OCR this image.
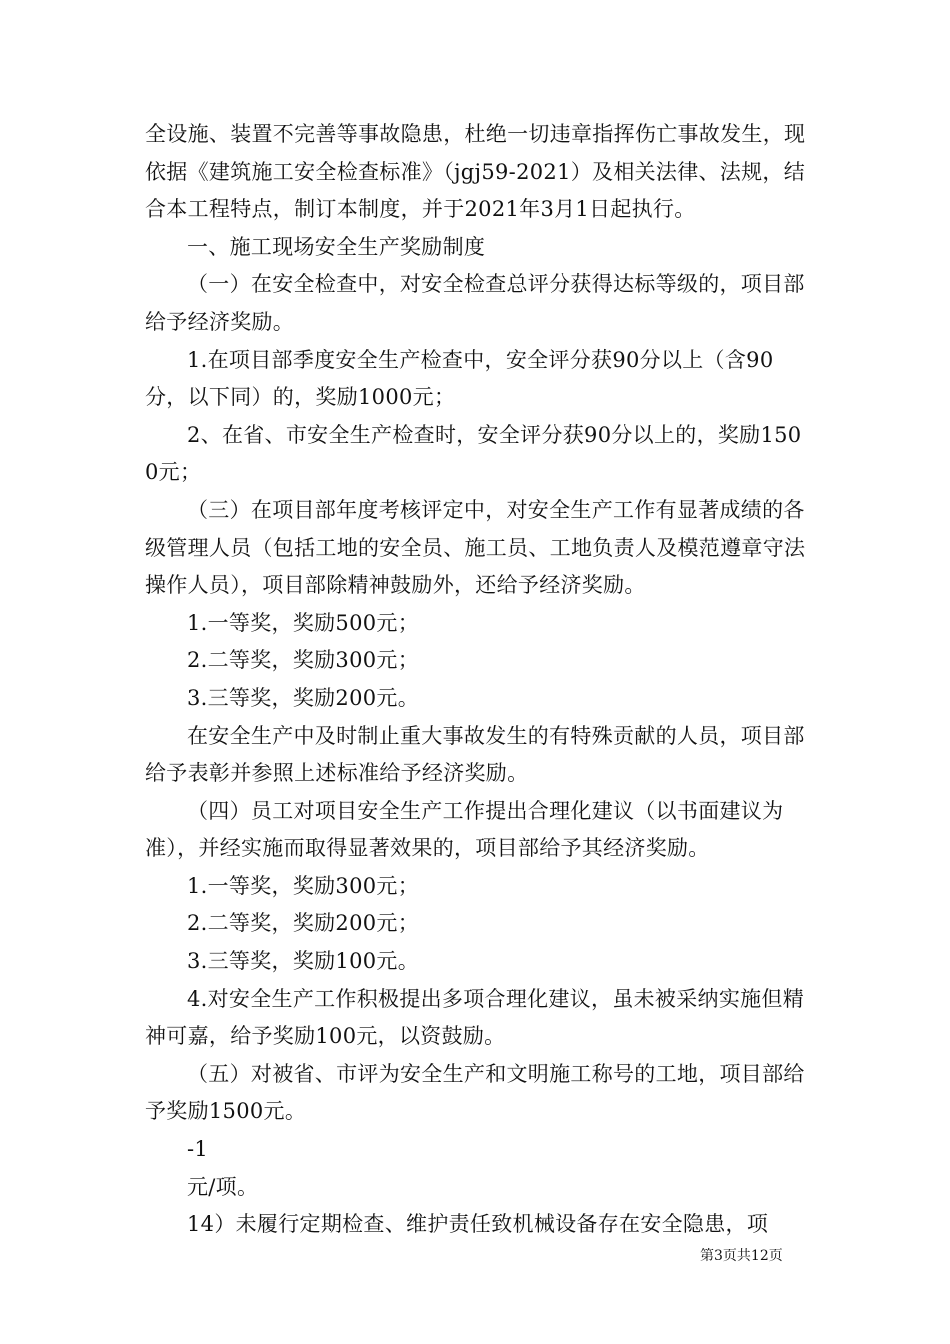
全设施、装置不完善等事故隐患，杜绝一切违章指挥伤亡事故发生，现依据《建筑施工安全检查标准》（jgj59-2021）及相关法律、法规，结合本工程特点，制订本制度，并于2021年3月1日起执行。

一、施工现场安全生产奖励制度

（一）在安全检查中，对安全检查总评分获得达标等级的，项目部给予经济奖励。

1.在项目部季度安全生产检查中，安全评分获90分以上（含90分，以下同）的，奖励1000元；

2、在省、市安全生产检查时，安全评分获90分以上的，奖励1500元；

（三）在项目部年度考核评定中，对安全生产工作有显著成绩的各级管理人员（包括工地的安全员、施工员、工地负责人及模范遵章守法操作人员），项目部除精神鼓励外，还给予经济奖励。

1.一等奖，奖励500元；

2.二等奖，奖励300元；

3.三等奖，奖励200元。

在安全生产中及时制止重大事故发生的有特殊贡献的人员，项目部给予表彰并参照上述标准给予经济奖励。

（四）员工对项目安全生产工作提出合理化建议（以书面建议为准），并经实施而取得显著效果的，项目部给予其经济奖励。

1.一等奖，奖励300元；

2.二等奖，奖励200元；

3.三等奖，奖励100元。

4.对安全生产工作积极提出多项合理化建议，虽未被采纳实施但精神可嘉，给予奖励100元，以资鼓励。

（五）对被省、市评为安全生产和文明施工称号的工地，项目部给予奖励1500元。

-1

元/项。

14）未履行定期检查、维护责任致机械设备存在安全隐患，项

第3页共12页
